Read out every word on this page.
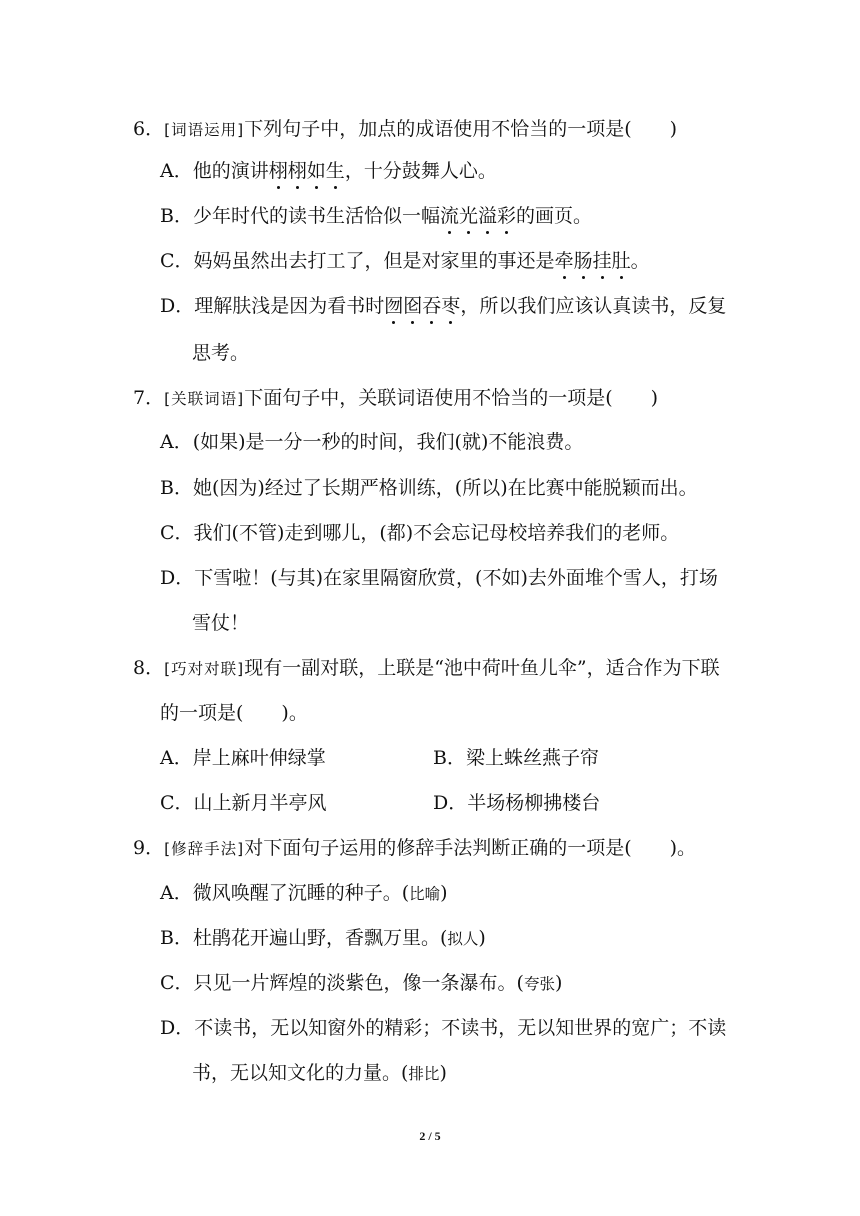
6．[词语运用]下列句子中，加点的成语使用不恰当的一项是(　　)
A．他的演讲栩栩如生，十分鼓舞人心。
B．少年时代的读书生活恰似一幅流光溢彩的画页。
C．妈妈虽然出去打工了，但是对家里的事还是牵肠挂肚。
D．理解肤浅是因为看书时囫囵吞枣，所以我们应该认真读书，反复
思考。
7．[关联词语]下面句子中，关联词语使用不恰当的一项是(　　)
A．(如果)是一分一秒的时间，我们(就)不能浪费。
B．她(因为)经过了长期严格训练，(所以)在比赛中能脱颖而出。
C．我们(不管)走到哪儿，(都)不会忘记母校培养我们的老师。
D．下雪啦！(与其)在家里隔窗欣赏，(不如)去外面堆个雪人，打场
雪仗！
8．[巧对对联]现有一副对联，上联是“池中荷叶鱼儿伞”，适合作为下联
的一项是(　　)。
A．岸上麻叶伸绿掌	B．梁上蛛丝燕子帘
C．山上新月半亭风	D．半场杨柳拂楼台
9．[修辞手法]对下面句子运用的修辞手法判断正确的一项是(　　)。
A．微风唤醒了沉睡的种子。(比喻)
B．杜鹃花开遍山野，香飘万里。(拟人)
C．只见一片辉煌的淡紫色，像一条瀑布。(夸张)
D．不读书，无以知窗外的精彩；不读书，无以知世界的宽广；不读
书，无以知文化的力量。(排比)
2 / 5
